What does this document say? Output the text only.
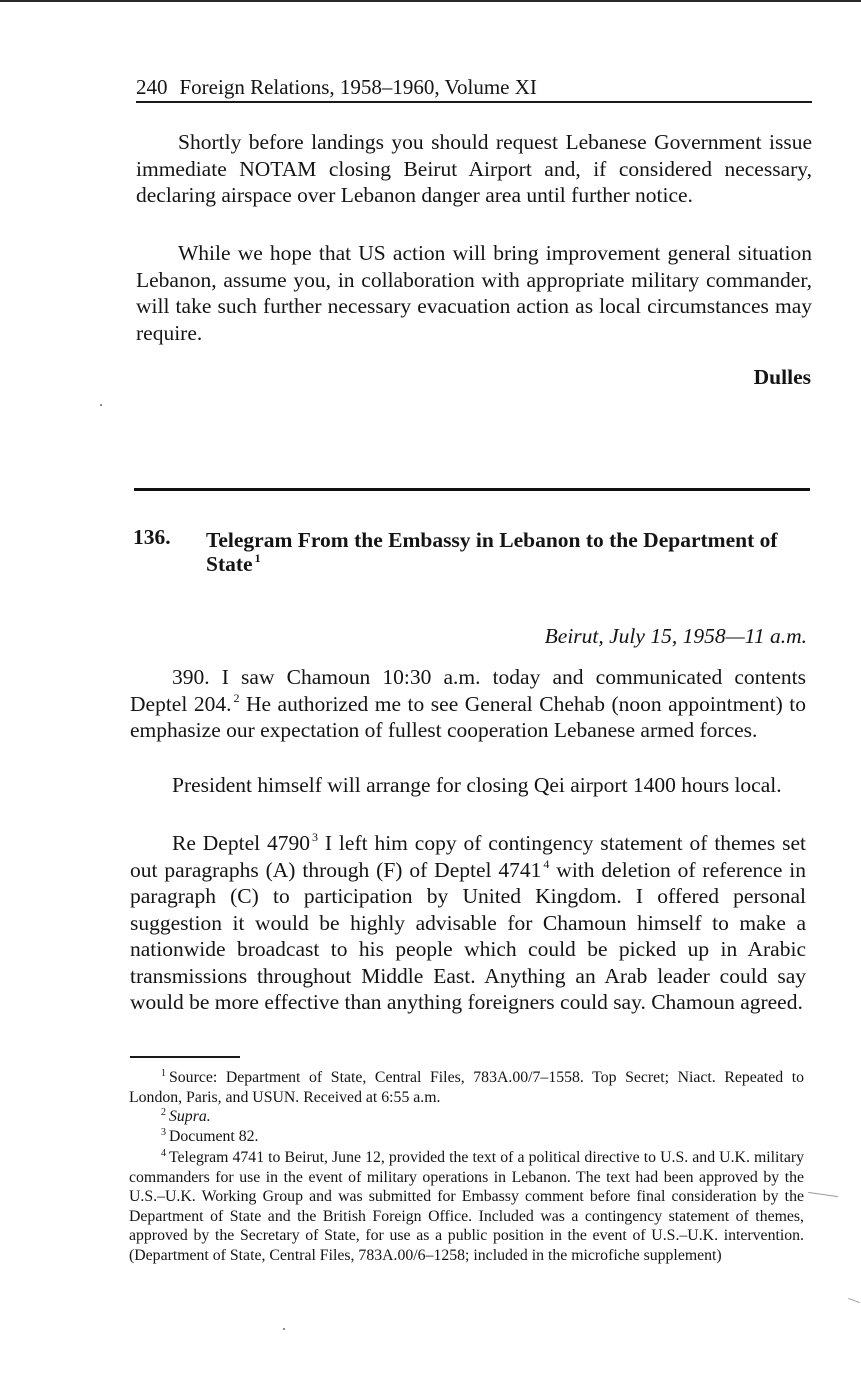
240 Foreign Relations, 1958–1960, Volume XI

Shortly before landings you should request Lebanese Government issue immediate NOTAM closing Beirut Airport and, if considered necessary, declaring airspace over Lebanon danger area until further notice.

While we hope that US action will bring improvement general situation Lebanon, assume you, in collaboration with appropriate military commander, will take such further necessary evacuation action as local circumstances may require.

Dulles
136. Telegram From the Embassy in Lebanon to the Department of State $^1$
Beirut, July 15, 1958—11 a.m.

390. I saw Chamoun 10:30 a.m. today and communicated contents Deptel 204. $^2$ He authorized me to see General Chehab (noon appointment) to emphasize our expectation of fullest cooperation Lebanese armed forces.

President himself will arrange for closing Qei airport 1400 hours local.

Re Deptel 4790 $^3$ I left him copy of contingency statement of themes set out paragraphs (A) through (F) of Deptel 4741 $^4$ with deletion of reference in paragraph (C) to participation by United Kingdom. I offered personal suggestion it would be highly advisable for Chamoun himself to make a nationwide broadcast to his people which could be picked up in Arabic transmissions throughout Middle East. Anything an Arab leader could say would be more effective than anything foreigners could say. Chamoun agreed.

$^1$ Source: Department of State, Central Files, 783A.00/7–1558. Top Secret; Niact. Repeated to London, Paris, and USUN. Received at 6:55 a.m.

$^2$ Supra.

$^3$ Document 82.

$^4$ Telegram 4741 to Beirut, June 12, provided the text of a political directive to U.S. and U.K. military commanders for use in the event of military operations in Lebanon. The text had been approved by the U.S.–U.K. Working Group and was submitted for Embassy comment before final consideration by the Department of State and the British Foreign Office. Included was a contingency statement of themes, approved by the Secretary of State, for use as a public position in the event of U.S.–U.K. intervention. (Department of State, Central Files, 783A.00/6–1258; included in the microfiche supplement)
